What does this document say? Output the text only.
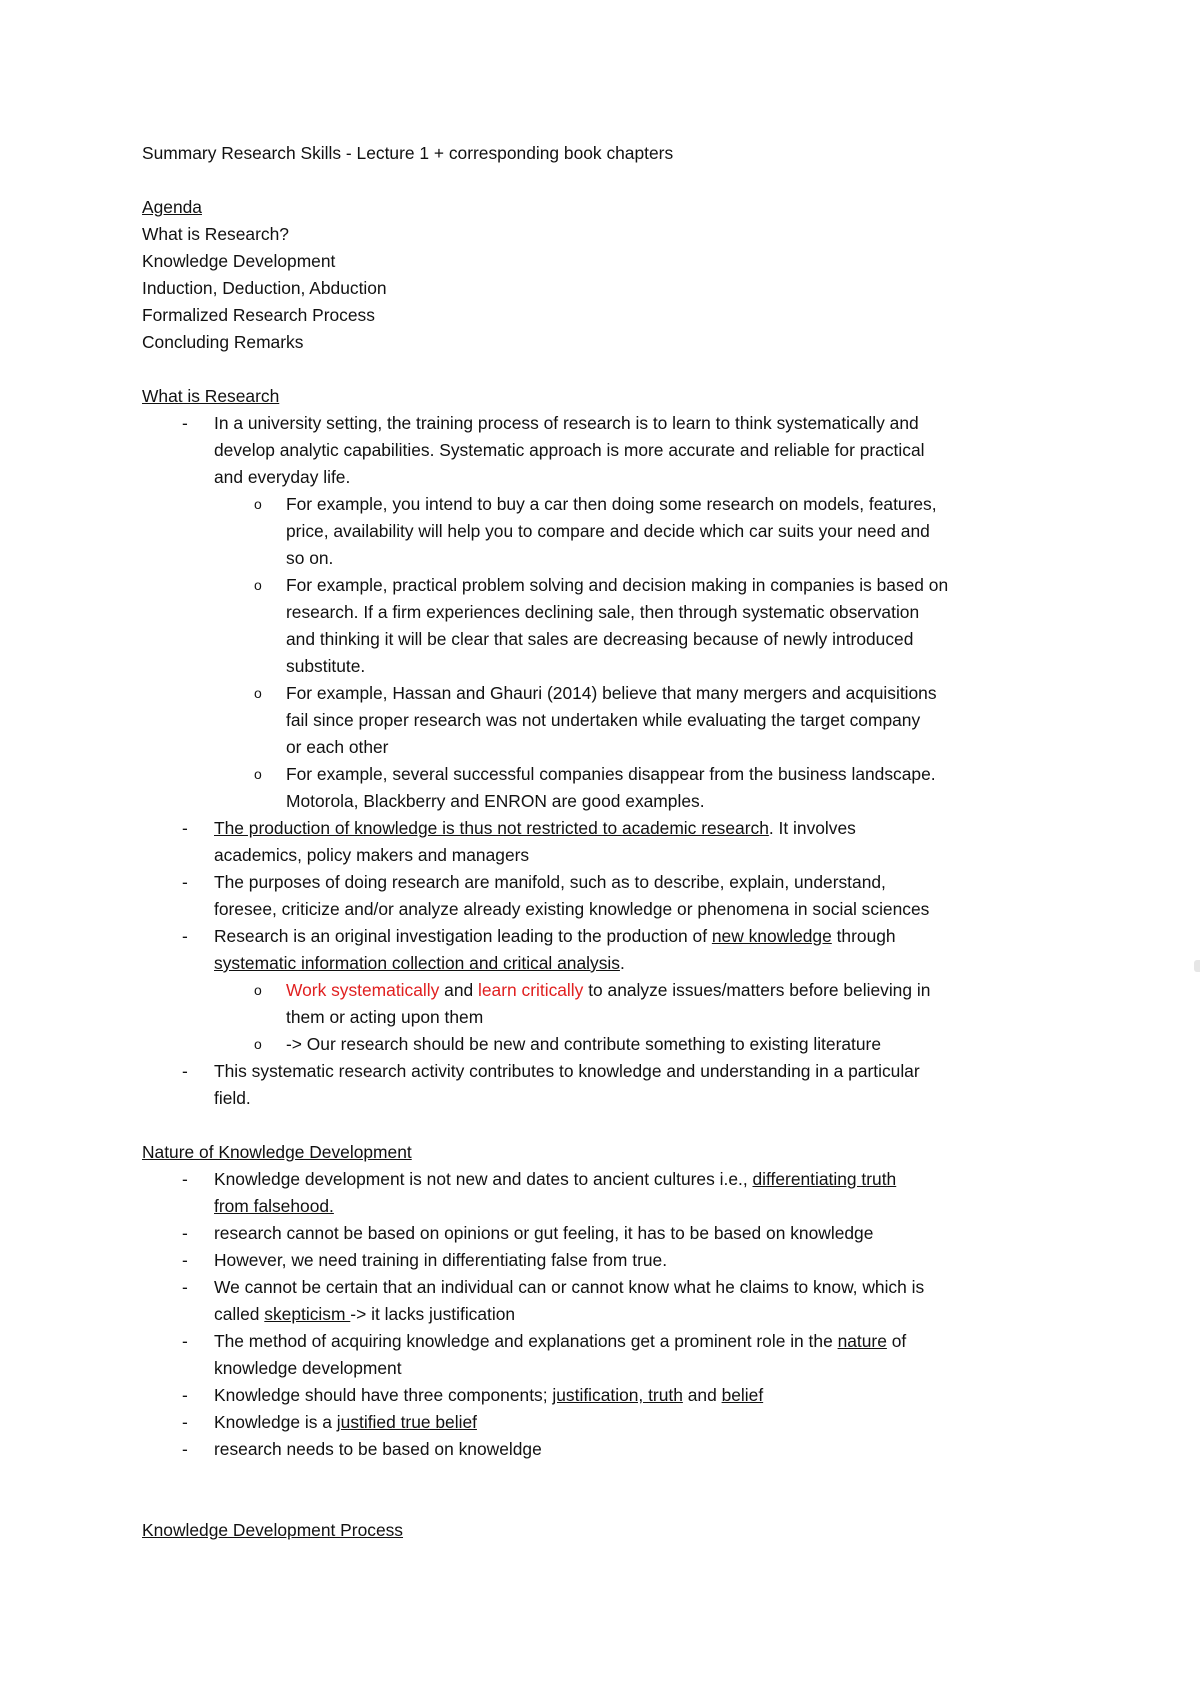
Summary Research Skills - Lecture 1 + corresponding book chapters
Agenda
What is Research?
Knowledge Development
Induction, Deduction, Abduction
Formalized Research Process
Concluding Remarks
What is Research
- In a university setting, the training process of research is to learn to think systematically and
develop analytic capabilities. Systematic approach is more accurate and reliable for practical
and everyday life.
o For example, you intend to buy a car then doing some research on models, features,
price, availability will help you to compare and decide which car suits your need and
so on.
o For example, practical problem solving and decision making in companies is based on
research. If a firm experiences declining sale, then through systematic observation
and thinking it will be clear that sales are decreasing because of newly introduced
substitute.
o For example, Hassan and Ghauri (2014) believe that many mergers and acquisitions
fail since proper research was not undertaken while evaluating the target company
or each other
o For example, several successful companies disappear from the business landscape.
Motorola, Blackberry and ENRON are good examples.
- The production of knowledge is thus not restricted to academic research. It involves
academics, policy makers and managers
- The purposes of doing research are manifold, such as to describe, explain, understand,
foresee, criticize and/or analyze already existing knowledge or phenomena in social sciences
- Research is an original investigation leading to the production of new knowledge through
systematic information collection and critical analysis.
o Work systematically and learn critically to analyze issues/matters before believing in
them or acting upon them
o -> Our research should be new and contribute something to existing literature
- This systematic research activity contributes to knowledge and understanding in a particular
field.
Nature of Knowledge Development
- Knowledge development is not new and dates to ancient cultures i.e., differentiating truth
from falsehood.
- research cannot be based on opinions or gut feeling, it has to be based on knowledge
- However, we need training in differentiating false from true.
- We cannot be certain that an individual can or cannot know what he claims to know, which is
called skepticism -> it lacks justification
- The method of acquiring knowledge and explanations get a prominent role in the nature of
knowledge development
- Knowledge should have three components; justification, truth and belief
- Knowledge is a justified true belief
- research needs to be based on knoweldge
Knowledge Development Process
